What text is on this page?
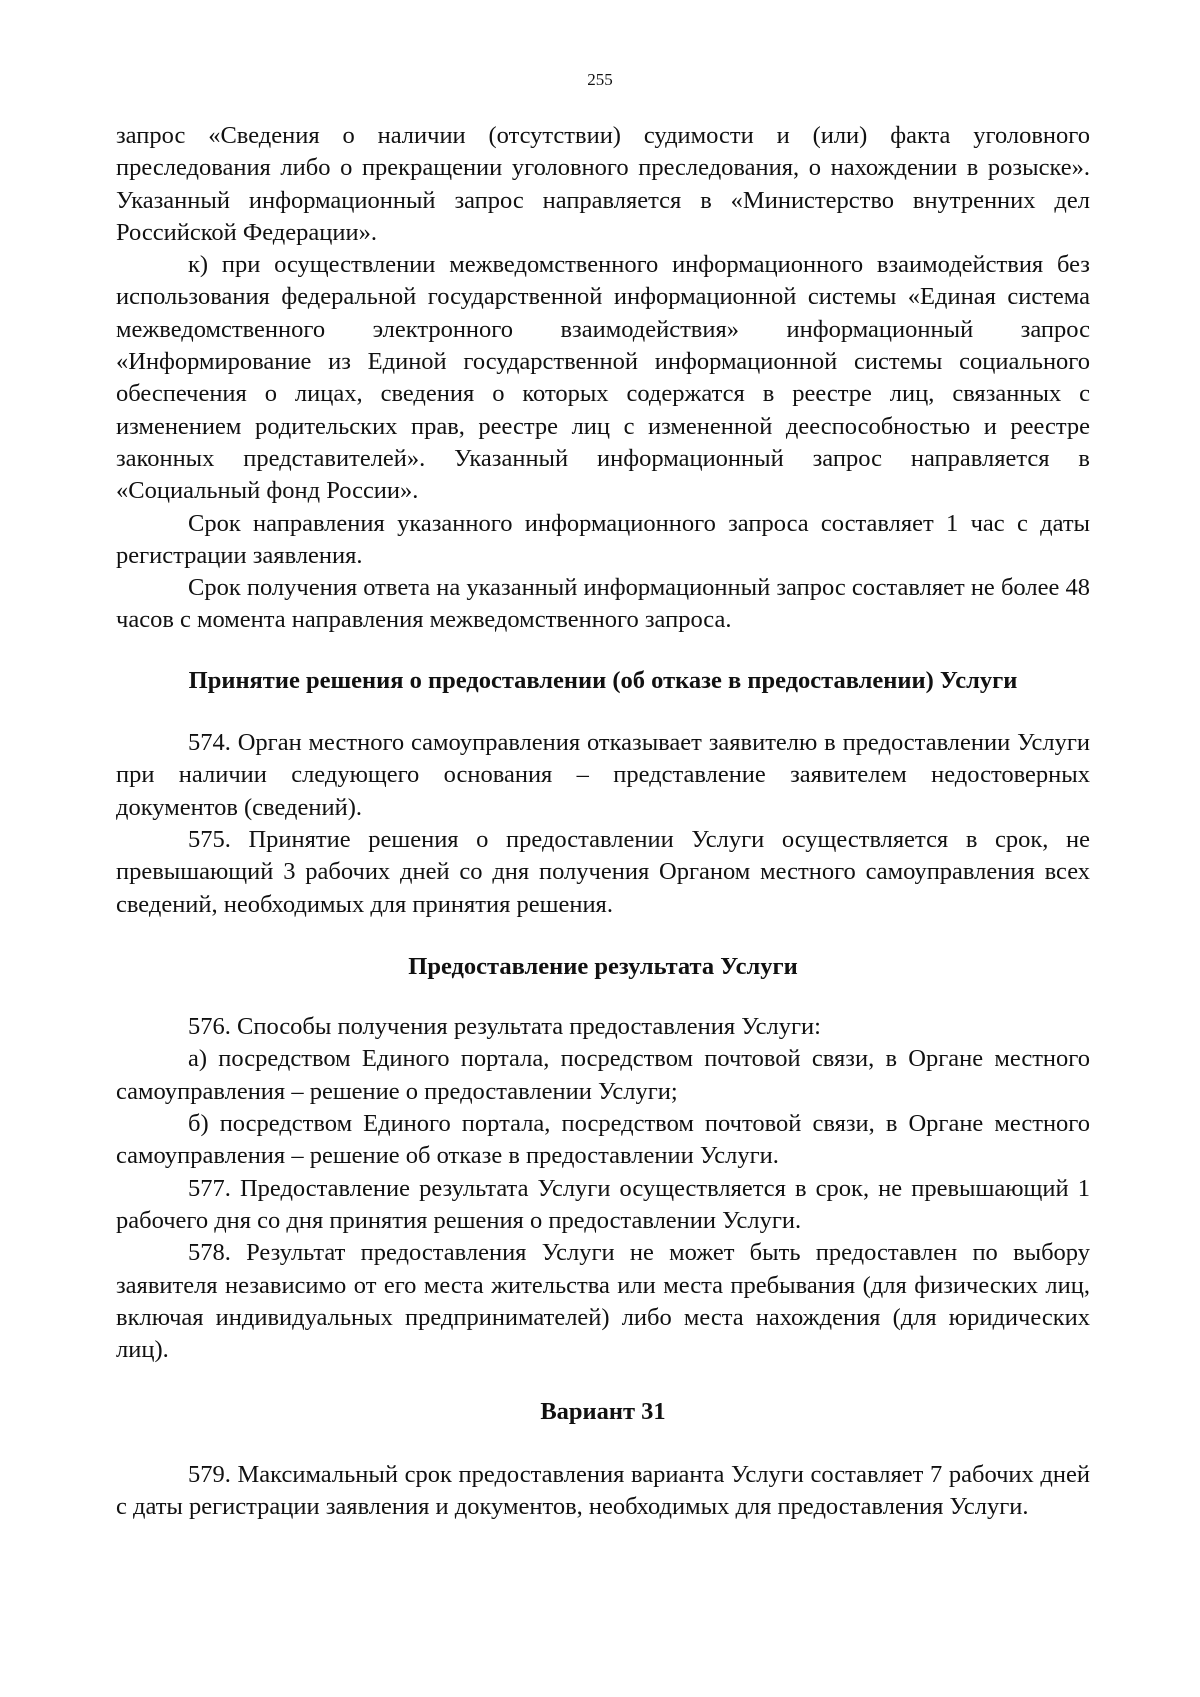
255

запрос «Сведения о наличии (отсутствии) судимости и (или) факта уголовного преследования либо о прекращении уголовного преследования, о нахождении в розыске». Указанный информационный запрос направляется в «Министерство внутренних дел Российской Федерации».

к) при осуществлении межведомственного информационного взаимодействия без использования федеральной государственной информационной системы «Единая система межведомственного электронного взаимодействия» информационный запрос «Информирование из Единой государственной информационной системы социального обеспечения о лицах, сведения о которых содержатся в реестре лиц, связанных с изменением родительских прав, реестре лиц с измененной дееспособностью и реестре законных представителей». Указанный информационный запрос направляется в «Социальный фонд России».

Срок направления указанного информационного запроса составляет 1 час с даты регистрации заявления.

Срок получения ответа на указанный информационный запрос составляет не более 48 часов с момента направления межведомственного запроса.

Принятие решения о предоставлении (об отказе в предоставлении) Услуги

574. Орган местного самоуправления отказывает заявителю в предоставлении Услуги при наличии следующего основания – представление заявителем недостоверных документов (сведений).

575. Принятие решения о предоставлении Услуги осуществляется в срок, не превышающий 3 рабочих дней со дня получения Органом местного самоуправления всех сведений, необходимых для принятия решения.

Предоставление результата Услуги

576. Способы получения результата предоставления Услуги:

а) посредством Единого портала, посредством почтовой связи, в Органе местного самоуправления – решение о предоставлении Услуги;

б) посредством Единого портала, посредством почтовой связи, в Органе местного самоуправления – решение об отказе в предоставлении Услуги.

577. Предоставление результата Услуги осуществляется в срок, не превышающий 1 рабочего дня со дня принятия решения о предоставлении Услуги.

578. Результат предоставления Услуги не может быть предоставлен по выбору заявителя независимо от его места жительства или места пребывания (для физических лиц, включая индивидуальных предпринимателей) либо места нахождения (для юридических лиц).

Вариант 31

579. Максимальный срок предоставления варианта Услуги составляет 7 рабочих дней с даты регистрации заявления и документов, необходимых для предоставления Услуги.
